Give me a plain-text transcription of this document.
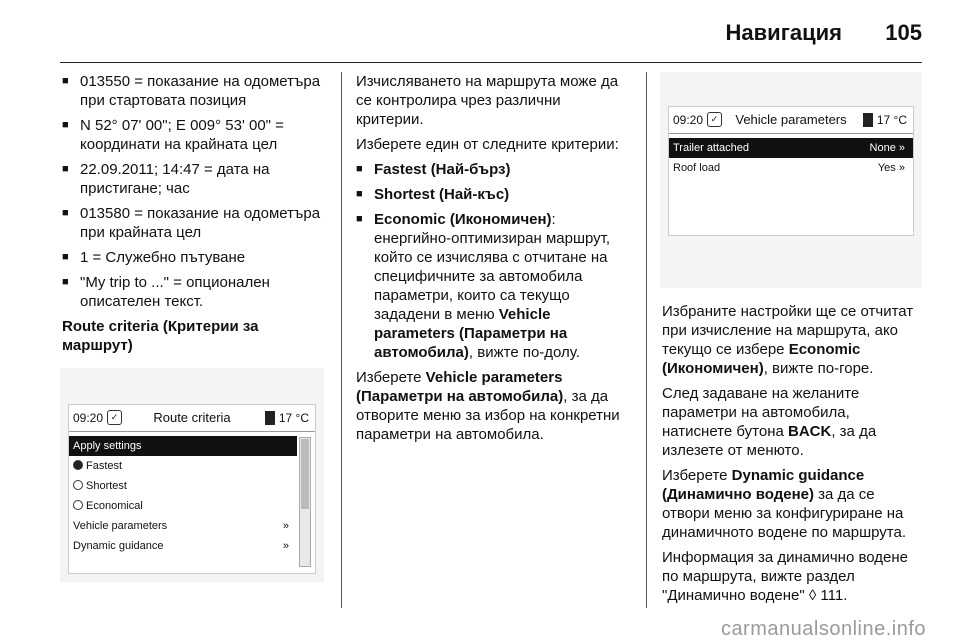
Навигация 105
■ 013550 = показание на одометъра при стартовата позиция
■ N 52° 07' 00"; E 009° 53' 00" = координати на крайната цел
■ 22.09.2011; 14:47 = дата на пристигане; час
■ 013580 = показание на одометъра при крайната цел
■ 1 = Служебно пътуване
■ "My trip to ..." = опционален описателен текст.
Route criteria (Критерии за маршрут)
09:20 ✓	Route criteria	17 °C
Apply settings
Fastest
Shortest
Economical
Vehicle parameters	»
Dynamic guidance	»

Изчисляването на маршрута може да се контролира чрез различни критерии.

Изберете един от следните критерии:

■ Fastest (Най-бърз)
■ Shortest (Най-къс)
■ Economic (Икономичен): енергийно-оптимизиран маршрут, който се изчислява с отчитане на специфичните за автомобила параметри, които са текущо зададени в меню Vehicle parameters (Параметри на автомобила), вижте по-долу.

Изберете Vehicle parameters (Параметри на автомобила), за да отворите меню за избор на конкретни параметри на автомобила.

09:20 ✓	Vehicle parameters	17 °C
Trailer attached	None »
Roof load	Yes »

Избраните настройки ще се отчитат при изчисление на маршрута, ако текущо се избере Economic (Икономичен), вижте по-горе.

След задаване на желаните параметри на автомобила, натиснете бутона BACK, за да излезете от менюто.

Изберете Dynamic guidance (Динамично водене) за да се отвори меню за конфигуриране на динамичното водене по маршрута.

Информация за динамично водене по маршрута, вижте раздел "Динамично водене" ◊ 111.

carmanualsonline.info
